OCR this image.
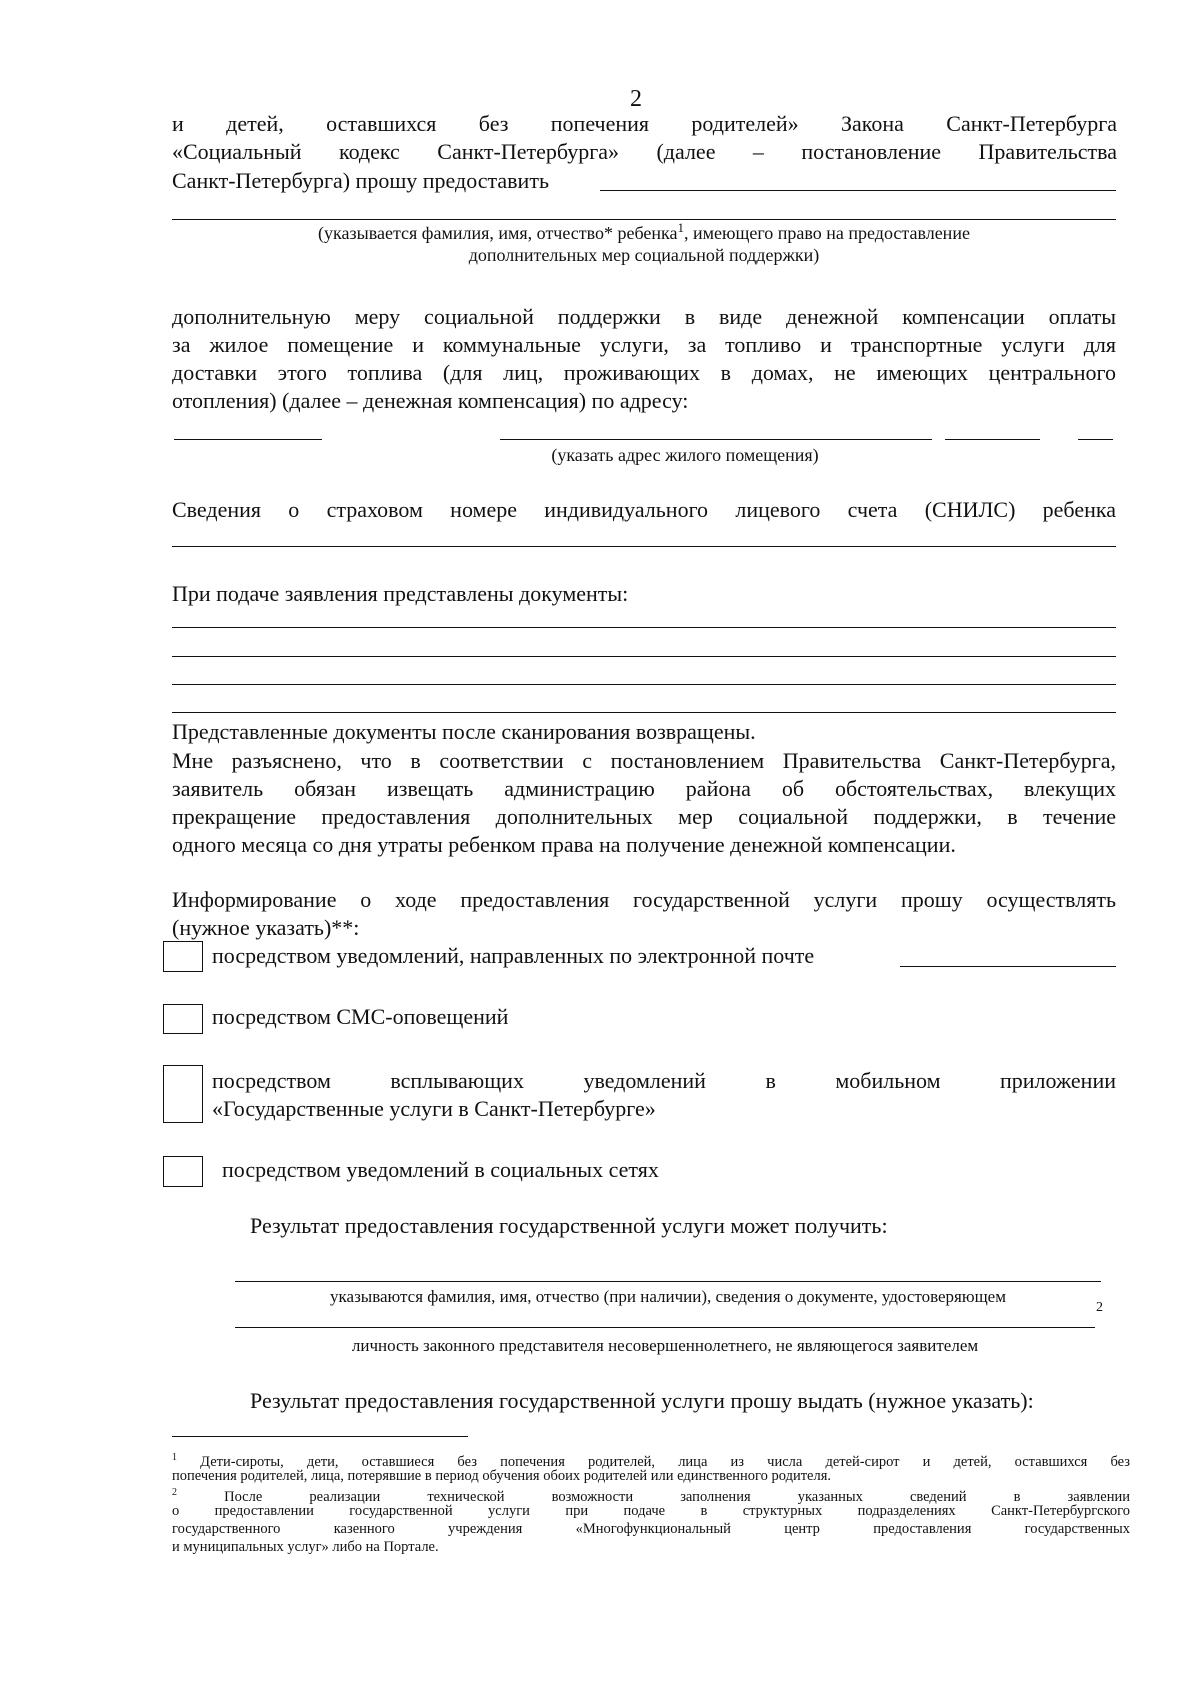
2
и детей, оставшихся без попечения родителей» Закона Санкт-Петербурга
«Социальный кодекс Санкт-Петербурга» (далее – постановление Правительства
Санкт-Петербурга) прошу предоставить
(указывается фамилия, имя, отчество* ребенка$^1$, имеющего право на предоставление
дополнительных мер социальной поддержки)
дополнительную меру социальной поддержки в виде денежной компенсации оплаты
за жилое помещение и коммунальные услуги, за топливо и транспортные услуги для
доставки этого топлива (для лиц, проживающих в домах, не имеющих центрального
отопления) (далее – денежная компенсация) по адресу:
(указать адрес жилого помещения)
Сведения о страховом номере индивидуального лицевого счета (СНИЛС) ребенка
При подаче заявления представлены документы:
Представленные документы после сканирования возвращены.
Мне разъяснено, что в соответствии с постановлением Правительства Санкт-Петербурга,
заявитель обязан извещать администрацию района об обстоятельствах, влекущих
прекращение предоставления дополнительных мер социальной поддержки, в течение
одного месяца со дня утраты ребенком права на получение денежной компенсации.
Информирование о ходе предоставления государственной услуги прошу осуществлять
(нужное указать)**:
посредством уведомлений, направленных по электронной почте
посредством СМС-оповещений
посредством всплывающих уведомлений в мобильном приложении
«Государственные услуги в Санкт-Петербурге»
посредством уведомлений в социальных сетях
Результат предоставления государственной услуги может получить:
указываются фамилия, имя, отчество (при наличии), сведения о документе, удостоверяющем
2
личность законного представителя несовершеннолетнего, не являющегося заявителем
Результат предоставления государственной услуги прошу выдать (нужное указать):
$^1$ Дети-сироты, дети, оставшиеся без попечения родителей, лица из числа детей-сирот и детей, оставшихся без
попечения родителей, лица, потерявшие в период обучения обоих родителей или единственного родителя.
$^2$	После реализации технической возможности заполнения указанных сведений в заявлении
о предоставлении государственной услуги при подаче в структурных подразделениях Санкт-Петербургского
государственного казенного учреждения «Многофункциональный центр предоставления государственных
и муниципальных услуг» либо на Портале.
